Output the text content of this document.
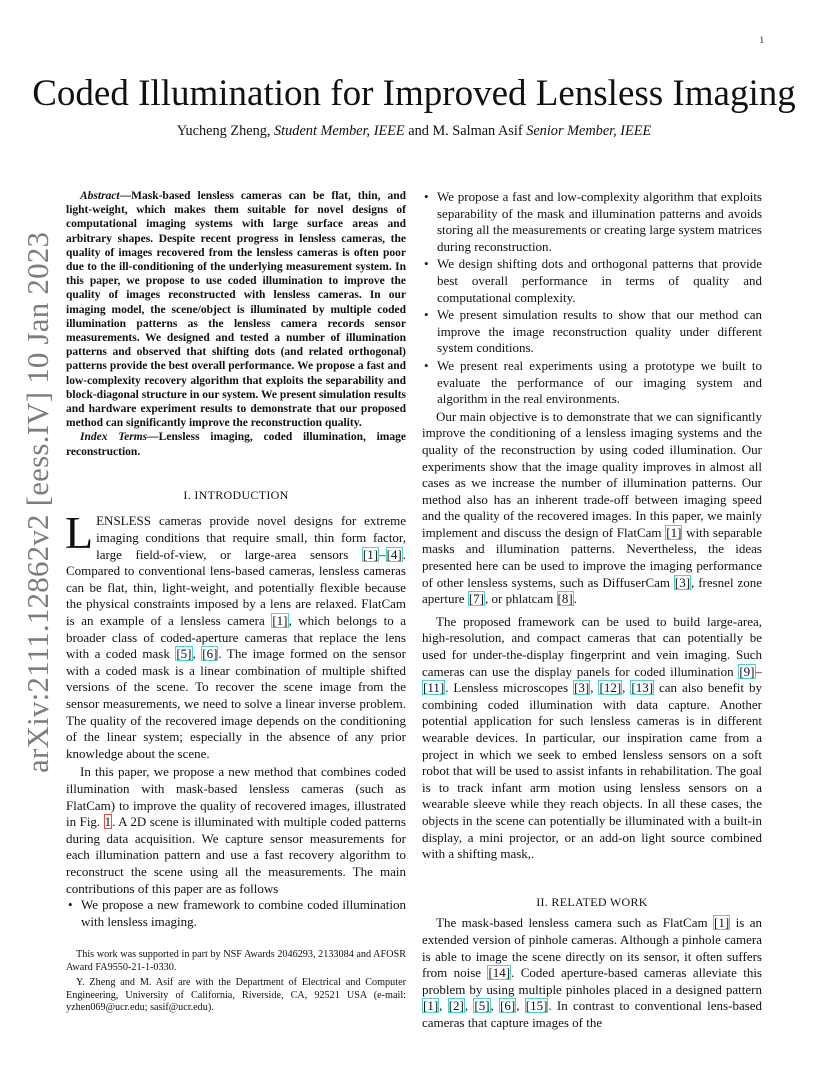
1
arXiv:2111.12862v2 [eess.IV] 10 Jan 2023
Coded Illumination for Improved Lensless Imaging
Yucheng Zheng, Student Member, IEEE and M. Salman Asif Senior Member, IEEE

Abstract—Mask-based lensless cameras can be flat, thin, and light-weight, which makes them suitable for novel designs of computational imaging systems with large surface areas and arbitrary shapes. Despite recent progress in lensless cameras, the quality of images recovered from the lensless cameras is often poor due to the ill-conditioning of the underlying measurement system. In this paper, we propose to use coded illumination to improve the quality of images reconstructed with lensless cameras. In our imaging model, the scene/object is illuminated by multiple coded illumination patterns as the lensless camera records sensor measurements. We designed and tested a number of illumination patterns and observed that shifting dots (and related orthogonal) patterns provide the best overall performance. We propose a fast and low-complexity recovery algorithm that exploits the separability and block-diagonal structure in our system. We present simulation results and hardware experiment results to demonstrate that our proposed method can significantly improve the reconstruction quality.

Index Terms—Lensless imaging, coded illumination, image reconstruction.

I. INTRODUCTION

LENSLESS cameras provide novel designs for extreme imaging conditions that require small, thin form factor, large field-of-view, or large-area sensors [1]–[4]. Compared to conventional lens-based cameras, lensless cameras can be flat, thin, light-weight, and potentially flexible because the physical constraints imposed by a lens are relaxed. FlatCam is an example of a lensless camera [1], which belongs to a broader class of coded-aperture cameras that replace the lens with a coded mask [5], [6]. The image formed on the sensor with a coded mask is a linear combination of multiple shifted versions of the scene. To recover the scene image from the sensor measurements, we need to solve a linear inverse problem. The quality of the recovered image depends on the conditioning of the linear system; especially in the absence of any prior knowledge about the scene.

In this paper, we propose a new method that combines coded illumination with mask-based lensless cameras (such as FlatCam) to improve the quality of recovered images, illustrated in Fig. 1. A 2D scene is illuminated with multiple coded patterns during data acquisition. We capture sensor measurements for each illumination pattern and use a fast recovery algorithm to reconstruct the scene using all the measurements. The main contributions of this paper are as follows

• We propose a new framework to combine coded illumination with lensless imaging.

This work was supported in part by NSF Awards 2046293, 2133084 and AFOSR Award FA9550-21-1-0330.

Y. Zheng and M. Asif are with the Department of Electrical and Computer Engineering, University of California, Riverside, CA, 92521 USA (e-mail: yzhen069@ucr.edu; sasif@ucr.edu).

• We propose a fast and low-complexity algorithm that exploits separability of the mask and illumination patterns and avoids storing all the measurements or creating large system matrices during reconstruction.
• We design shifting dots and orthogonal patterns that provide best overall performance in terms of quality and computational complexity.
• We present simulation results to show that our method can improve the image reconstruction quality under different system conditions.
• We present real experiments using a prototype we built to evaluate the performance of our imaging system and algorithm in the real environments.

Our main objective is to demonstrate that we can significantly improve the conditioning of a lensless imaging systems and the quality of the reconstruction by using coded illumination. Our experiments show that the image quality improves in almost all cases as we increase the number of illumination patterns. Our method also has an inherent trade-off between imaging speed and the quality of the recovered images. In this paper, we mainly implement and discuss the design of FlatCam [1] with separable masks and illumination patterns. Nevertheless, the ideas presented here can be used to improve the imaging performance of other lensless systems, such as DiffuserCam [3], fresnel zone aperture [7], or phlatcam [8].

The proposed framework can be used to build large-area, high-resolution, and compact cameras that can potentially be used for under-the-display fingerprint and vein imaging. Such cameras can use the display panels for coded illumination [9]–[11]. Lensless microscopes [3], [12], [13] can also benefit by combining coded illumination with data capture. Another potential application for such lensless cameras is in different wearable devices. In particular, our inspiration came from a project in which we seek to embed lensless sensors on a soft robot that will be used to assist infants in rehabilitation. The goal is to track infant arm motion using lensless sensors on a wearable sleeve while they reach objects. In all these cases, the objects in the scene can potentially be illuminated with a built-in display, a mini projector, or an add-on light source combined with a shifting mask,.

II. RELATED WORK

The mask-based lensless camera such as FlatCam [1] is an extended version of pinhole cameras. Although a pinhole camera is able to image the scene directly on its sensor, it often suffers from noise [14]. Coded aperture-based cameras alleviate this problem by using multiple pinholes placed in a designed pattern [1], [2], [5], [6], [15]. In contrast to conventional lens-based cameras that capture images of the
